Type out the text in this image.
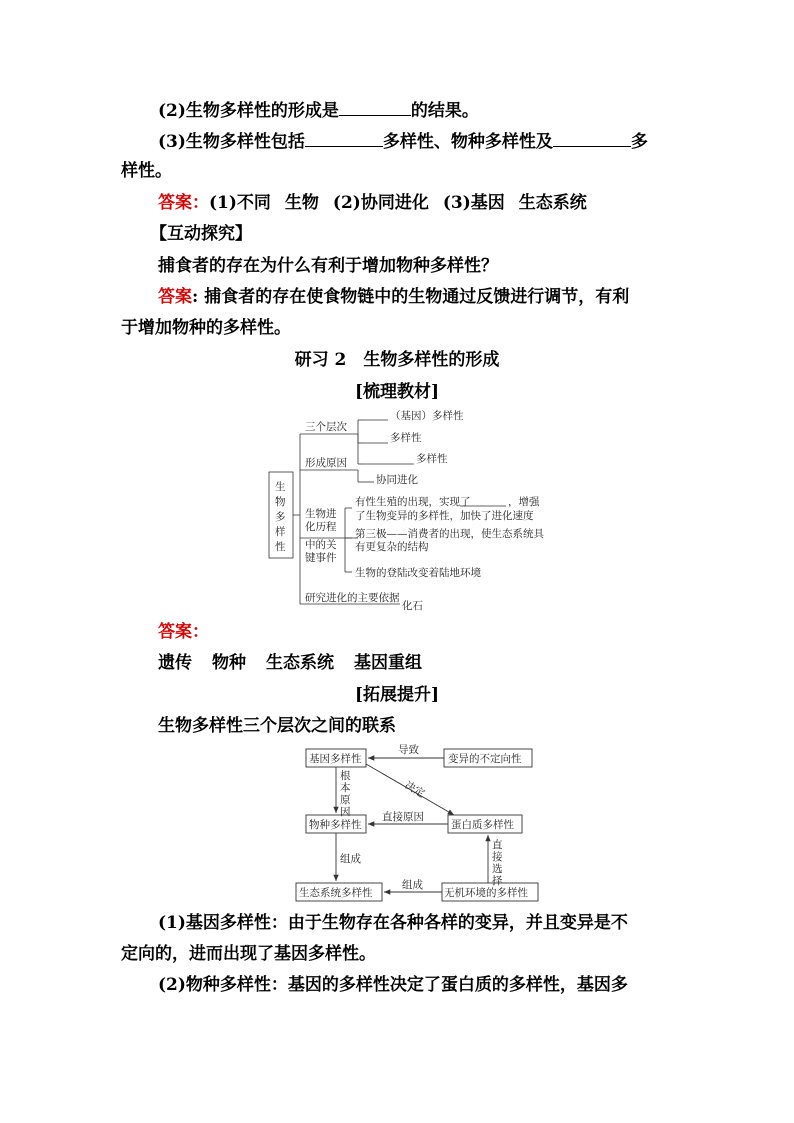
(2)生物多样性的形成是	的结果。
(3)生物多样性包括	多样性、物种多样性及	多
样性。
答案：(1)不同 生物 (2)协同进化 (3)基因 生态系统
【互动探究】
捕食者的存在为什么有利于增加物种多样性？
答案: 捕食者的存在使食物链中的生物通过反馈进行调节，有利
于增加物种的多样性。
研习 2　生物多样性的形成
[梳理教材]
生
物
多
样
性
三个层次
形成原因
生物进
化历程
中的关
键事件
研究进化的主要依据
（基因）多样性
多样性
多样性
协同进化
有性生殖的出现，实现了	，增强
了生物变异的多样性，加快了进化速度
第三极——消费者的出现，使生态系统具
有更复杂的结构
生物的登陆改变着陆地环境
化石
答案：
遗传 物种 生态系统 基因重组
[拓展提升]
生物多样性三个层次之间的联系
基因多样性	变异的不定向性
物种多样性	蛋白质多样性
生态系统多样性	无机环境的多样性
导致
决定
根
本
原
因	直接原因
组成
组成
直
接
选
择
(1)基因多样性：由于生物存在各种各样的变异，并且变异是不
定向的，进而出现了基因多样性。
(2)物种多样性：基因的多样性决定了蛋白质的多样性，基因多
